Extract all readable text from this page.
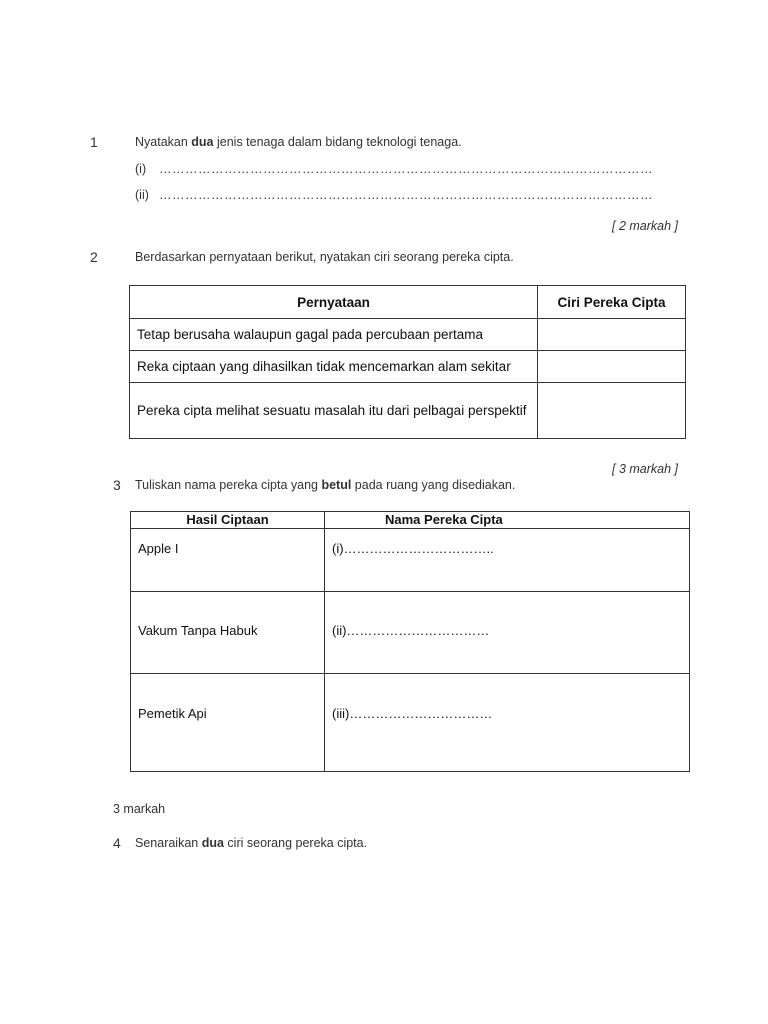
1	Nyatakan dua jenis tenaga dalam bidang teknologi tenaga.
(i) ……………………………………………………………………………………………………
(ii) ……………………………………………………………………………………………………
[ 2 markah ]
2	Berdasarkan pernyataan berikut, nyatakan ciri seorang pereka cipta.
Pernyataan	Ciri Pereka Cipta
Tetap berusaha walaupun gagal pada percubaan pertama	
Reka ciptaan yang dihasilkan tidak mencemarkan alam sekitar	
Pereka cipta melihat sesuatu masalah itu dari pelbagai perspektif	
[ 3 markah ]
3 Tuliskan nama pereka cipta yang betul pada ruang yang disediakan.
Hasil Ciptaan	Nama Pereka Cipta
Apple I	(i)……………………………..
Vakum Tanpa Habuk	(ii)……………………………
Pemetik Api	(iii)……………………………
3 markah
4 Senaraikan dua ciri seorang pereka cipta.
